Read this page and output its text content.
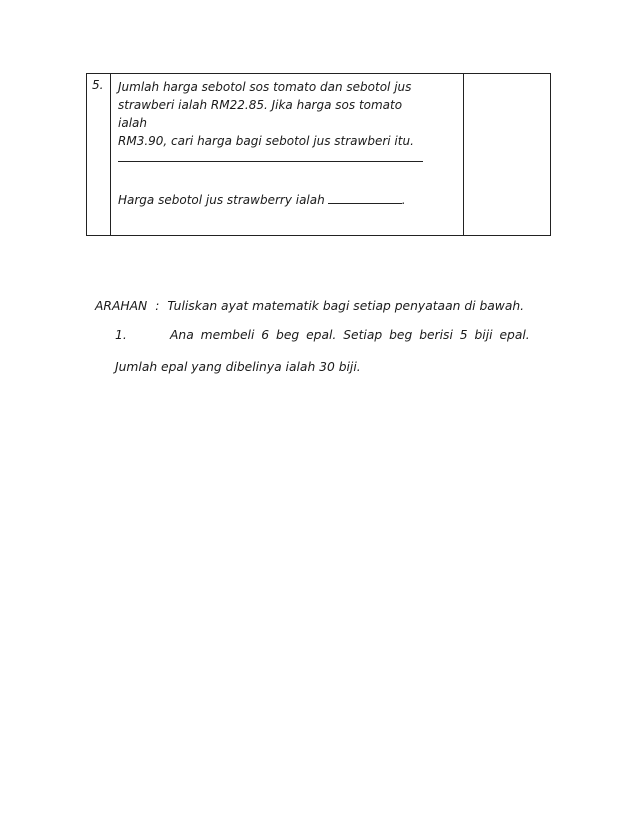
5. Jumlah harga sebotol sos tomato dan sebotol jus
strawberi ialah RM22.85. Jika harga sos tomato
ialah
RM3.90, cari harga bagi sebotol jus strawberi itu.
Harga sebotol jus strawberry ialah	.
ARAHAN : Tuliskan ayat matematik bagi setiap penyataan di bawah.
1.	Ana membeli 6 beg epal. Setiap beg berisi 5 biji epal.
Jumlah epal yang dibelinya ialah 30 biji.
